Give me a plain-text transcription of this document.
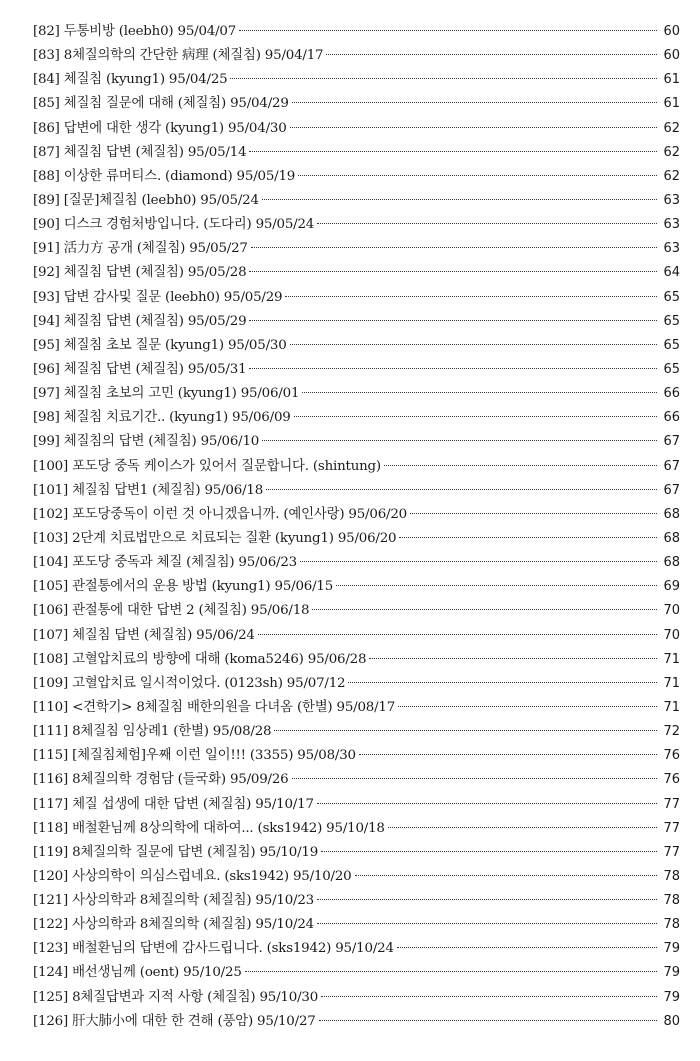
[82] 두통비방 (leebh0) 95/04/07	60
[83] 8체질의학의 간단한 病理 (체질침) 95/04/17	60
[84] 체질침 (kyung1) 95/04/25	61
[85] 체질침 질문에 대해 (체질침) 95/04/29	61
[86] 답변에 대한 생각 (kyung1) 95/04/30	62
[87] 체질침 답변 (체질침) 95/05/14	62
[88] 이상한 류머티스. (diamond) 95/05/19	62
[89] [질문]체질침 (leebh0) 95/05/24	63
[90] 디스크 경험처방입니다. (도다리) 95/05/24	63
[91] 活力方 공개 (체질침) 95/05/27	63
[92] 체질침 답변 (체질침) 95/05/28	64
[93] 답변 감사및 질문 (leebh0) 95/05/29	65
[94] 체질침 답변 (체질침) 95/05/29	65
[95] 체질침 초보 질문 (kyung1) 95/05/30	65
[96] 체질침 답변 (체질침) 95/05/31	65
[97] 체질침 초보의 고민 (kyung1) 95/06/01	66
[98] 체질침 치료기간.. (kyung1) 95/06/09	66
[99] 체질침의 답변 (체질침) 95/06/10	67
[100] 포도당 중독 케이스가 있어서 질문합니다. (shintung)	67
[101] 체질침 답변1 (체질침) 95/06/18	67
[102] 포도당중독이 이런 것 아니겠읍니까. (예인사랑) 95/06/20	68
[103] 2단계 치료법만으로 치료되는 질환 (kyung1) 95/06/20	68
[104] 포도당 중독과 체질 (체질침) 95/06/23	68
[105] 관절통에서의 운용 방법 (kyung1) 95/06/15	69
[106] 관절통에 대한 답변 2 (체질침) 95/06/18	70
[107] 체질침 답변 (체질침) 95/06/24	70
[108] 고혈압치료의 방향에 대해 (koma5246) 95/06/28	71
[109] 고혈압치료 일시적이었다. (0123sh) 95/07/12	71
[110] <견학기> 8체질침 배한의원을 다녀옴 (한별) 95/08/17	71
[111] 8체질침 임상례1 (한별) 95/08/28	72
[115] [체질침체험]우째 이런 일이!!! (3355) 95/08/30	76
[116] 8체질의학 경험담 (들국화) 95/09/26	76
[117] 체질 섭생에 대한 답변 (체질침) 95/10/17	77
[118] 배철환님께 8상의학에 대하여... (sks1942) 95/10/18	77
[119] 8체질의학 질문에 답변 (체질침) 95/10/19	77
[120] 사상의학이 의심스럽네요. (sks1942) 95/10/20	78
[121] 사상의학과 8체질의학 (체질침) 95/10/23	78
[122] 사상의학과 8체질의학 (체질침) 95/10/24	78
[123] 배철환님의 답변에 감사드립니다. (sks1942) 95/10/24	79
[124] 배선생님께 (oent) 95/10/25	79
[125] 8체질답변과 지적 사항 (체질침) 95/10/30	79
[126] 肝大肺小에 대한 한 견해 (풍암) 95/10/27	80
